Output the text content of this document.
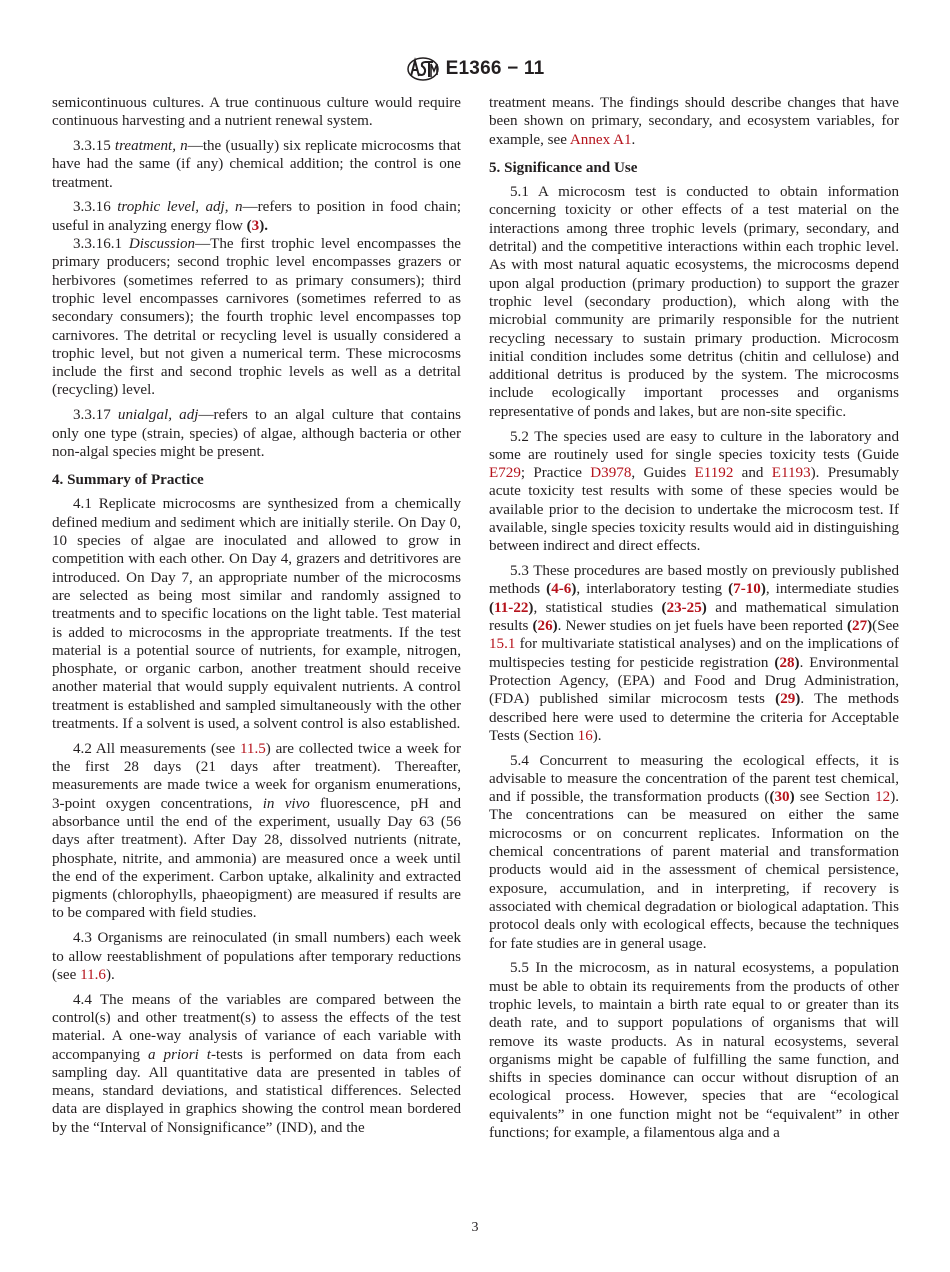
E1366 − 11
semicontinuous cultures. A true continuous culture would require continuous harvesting and a nutrient renewal system.
3.3.15 treatment, n—the (usually) six replicate microcosms that have had the same (if any) chemical addition; the control is one treatment.
3.3.16 trophic level, adj, n—refers to position in food chain; useful in analyzing energy flow (3).
3.3.16.1 Discussion—The first trophic level encompasses the primary producers; second trophic level encompasses grazers or herbivores (sometimes referred to as primary consumers); third trophic level encompasses carnivores (sometimes referred to as secondary consumers); the fourth trophic level encompasses top carnivores. The detrital or recycling level is usually considered a trophic level, but not given a numerical term. These microcosms include the first and second trophic levels as well as a detrital (recycling) level.
3.3.17 unialgal, adj—refers to an algal culture that contains only one type (strain, species) of algae, although bacteria or other non-algal species might be present.
4. Summary of Practice
4.1 Replicate microcosms are synthesized from a chemically defined medium and sediment which are initially sterile. On Day 0, 10 species of algae are inoculated and allowed to grow in competition with each other. On Day 4, grazers and detritivores are introduced. On Day 7, an appropriate number of the microcosms are selected as being most similar and randomly assigned to treatments and to specific locations on the light table. Test material is added to microcosms in the appropriate treatments. If the test material is a potential source of nutrients, for example, nitrogen, phosphate, or organic carbon, another treatment should receive another material that would supply equivalent nutrients. A control treatment is established and sampled simultaneously with the other treatments. If a solvent is used, a solvent control is also established.
4.2 All measurements (see 11.5) are collected twice a week for the first 28 days (21 days after treatment). Thereafter, measurements are made twice a week for organism enumerations, 3-point oxygen concentrations, in vivo fluorescence, pH and absorbance until the end of the experiment, usually Day 63 (56 days after treatment). After Day 28, dissolved nutrients (nitrate, phosphate, nitrite, and ammonia) are measured once a week until the end of the experiment. Carbon uptake, alkalinity and extracted pigments (chlorophylls, phaeopigment) are measured if results are to be compared with field studies.
4.3 Organisms are reinoculated (in small numbers) each week to allow reestablishment of populations after temporary reductions (see 11.6).
4.4 The means of the variables are compared between the control(s) and other treatment(s) to assess the effects of the test material. A one-way analysis of variance of each variable with accompanying a priori t-tests is performed on data from each sampling day. All quantitative data are presented in tables of means, standard deviations, and statistical differences. Selected data are displayed in graphics showing the control mean bordered by the “Interval of Nonsignificance” (IND), and the
treatment means. The findings should describe changes that have been shown on primary, secondary, and ecosystem variables, for example, see Annex A1.
5. Significance and Use
5.1 A microcosm test is conducted to obtain information concerning toxicity or other effects of a test material on the interactions among three trophic levels (primary, secondary, and detrital) and the competitive interactions within each trophic level. As with most natural aquatic ecosystems, the microcosms depend upon algal production (primary production) to support the grazer trophic level (secondary production), which along with the microbial community are primarily responsible for the nutrient recycling necessary to sustain primary production. Microcosm initial condition includes some detritus (chitin and cellulose) and additional detritus is produced by the system. The microcosms include ecologically important processes and organisms representative of ponds and lakes, but are non-site specific.
5.2 The species used are easy to culture in the laboratory and some are routinely used for single species toxicity tests (Guide E729; Practice D3978, Guides E1192 and E1193). Presumably acute toxicity test results with some of these species would be available prior to the decision to undertake the microcosm test. If available, single species toxicity results would aid in distinguishing between indirect and direct effects.
5.3 These procedures are based mostly on previously published methods (4-6), interlaboratory testing (7-10), intermediate studies (11-22), statistical studies (23-25) and mathematical simulation results (26). Newer studies on jet fuels have been reported (27)(See 15.1 for multivariate statistical analyses) and on the implications of multispecies testing for pesticide registration (28). Environmental Protection Agency, (EPA) and Food and Drug Administration, (FDA) published similar microcosm tests (29). The methods described here were used to determine the criteria for Acceptable Tests (Section 16).
5.4 Concurrent to measuring the ecological effects, it is advisable to measure the concentration of the parent test chemical, and if possible, the transformation products ((30) see Section 12). The concentrations can be measured on either the same microcosms or on concurrent replicates. Information on the chemical concentrations of parent material and transformation products would aid in the assessment of chemical persistence, exposure, accumulation, and in interpreting, if recovery is associated with chemical degradation or biological adaptation. This protocol deals only with ecological effects, because the techniques for fate studies are in general usage.
5.5 In the microcosm, as in natural ecosystems, a population must be able to obtain its requirements from the products of other trophic levels, to maintain a birth rate equal to or greater than its death rate, and to support populations of organisms that will remove its waste products. As in natural ecosystems, several organisms might be capable of fulfilling the same function, and shifts in species dominance can occur without disruption of an ecological process. However, species that are “ecological equivalents” in one function might not be “equivalent” in other functions; for example, a filamentous alga and a
3
